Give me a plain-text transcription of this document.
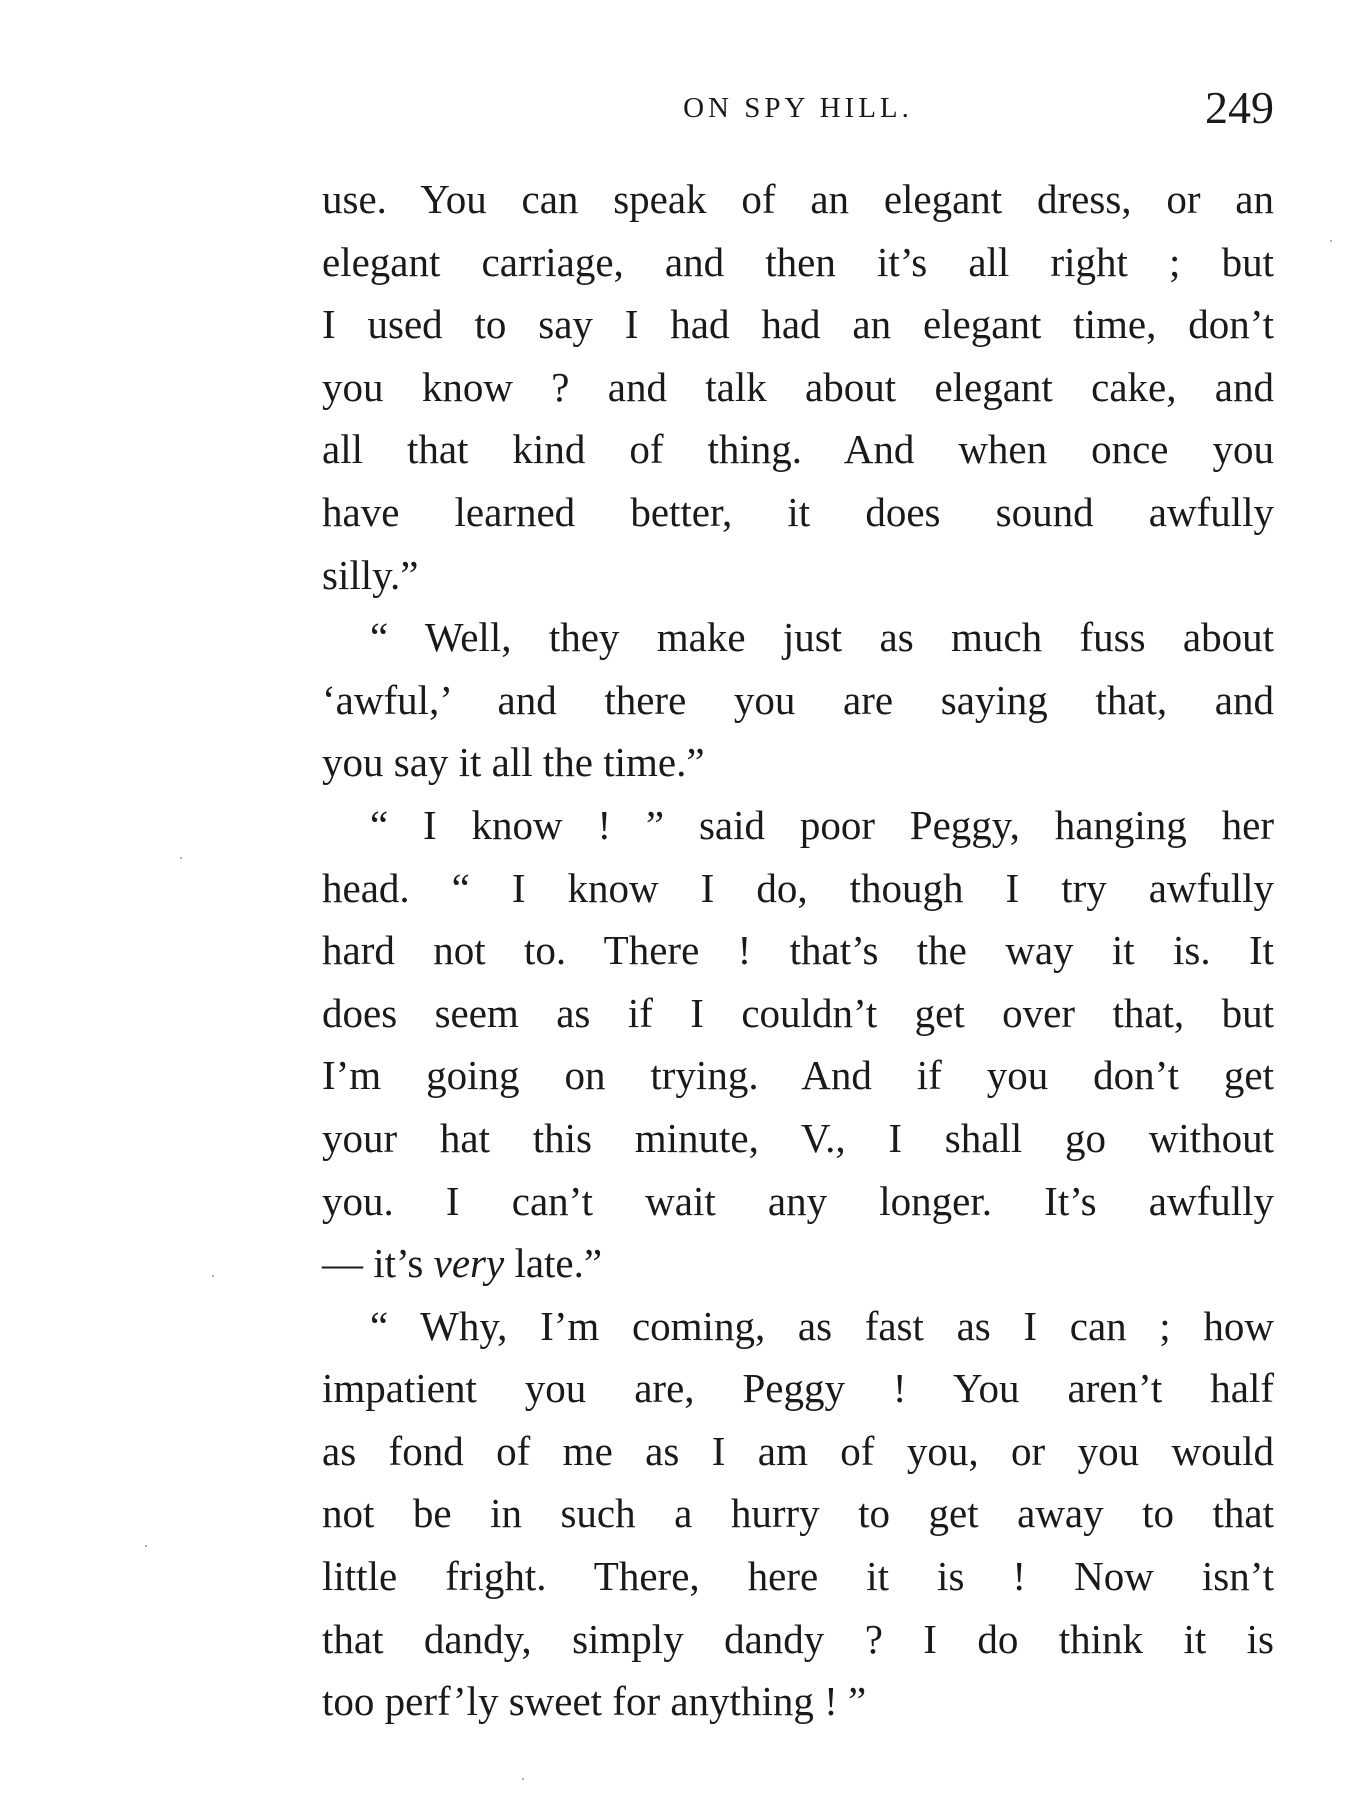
ON SPY HILL.	249
use. You can speak of an elegant dress, or an
elegant carriage, and then it’s all right ; but
I used to say I had had an elegant time, don’t
you know ? and talk about elegant cake, and
all that kind of thing. And when once you
have learned better, it does sound awfully
silly.”
“ Well, they make just as much fuss about
‘awful,’ and there you are saying that, and
you say it all the time.”
“ I know ! ” said poor Peggy, hanging her
head. “ I know I do, though I try awfully
hard not to. There ! that’s the way it is. It
does seem as if I couldn’t get over that, but
I’m going on trying. And if you don’t get
your hat this minute, V., I shall go without
you. I can’t wait any longer. It’s awfully
— it’s very late.”
“ Why, I’m coming, as fast as I can ; how
impatient you are, Peggy ! You aren’t half
as fond of me as I am of you, or you would
not be in such a hurry to get away to that
little fright. There, here it is ! Now isn’t
that dandy, simply dandy ? I do think it is
too perf’ly sweet for anything ! ”
